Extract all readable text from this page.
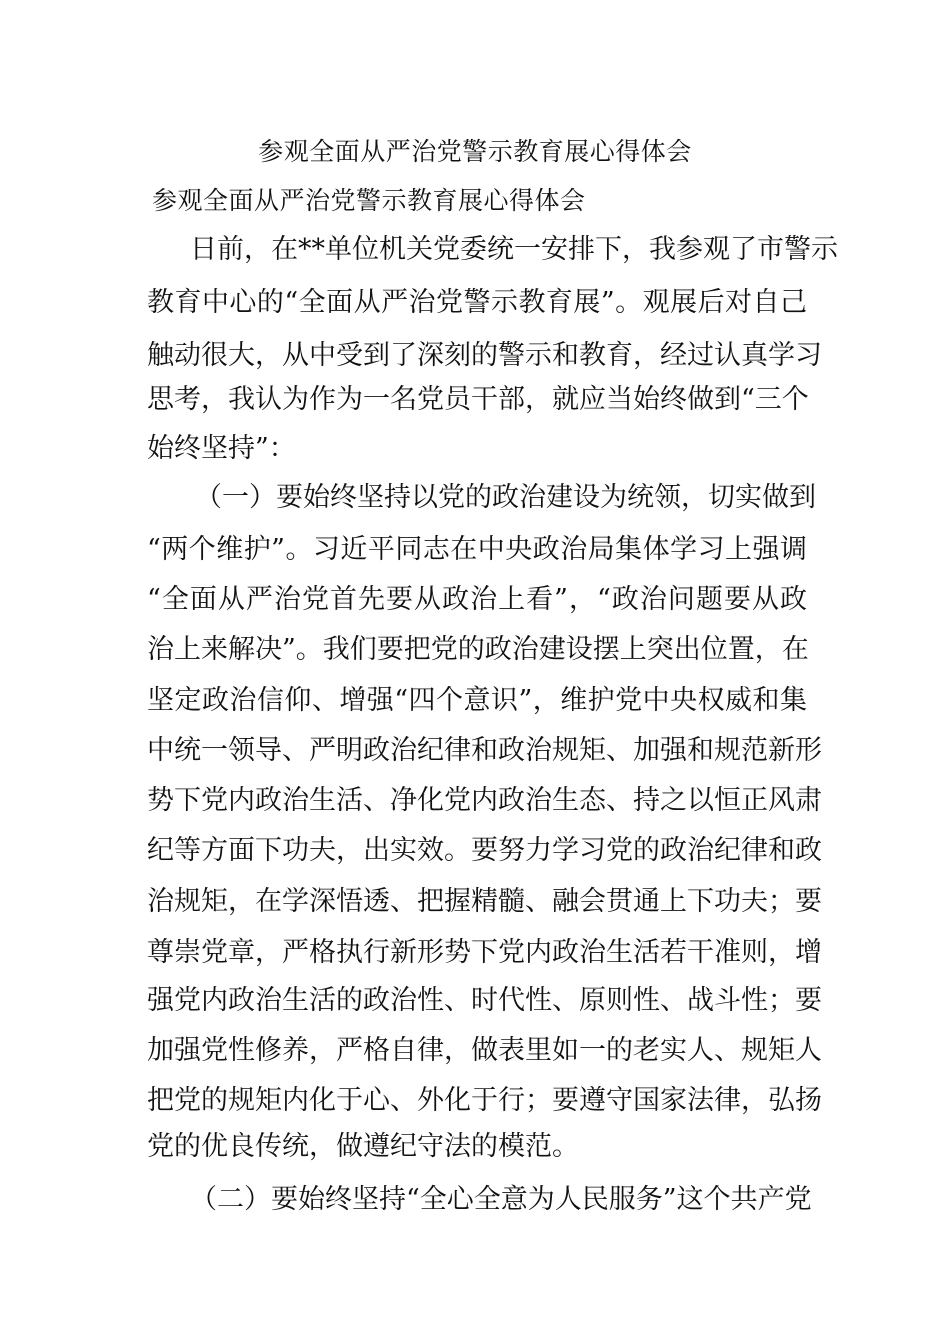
参观全面从严治党警示教育展心得体会
参观全面从严治党警示教育展心得体会
日前，在**单位机关党委统一安排下，我参观了市警示
教育中心的“全面从严治党警示教育展”。观展后对自己
触动很大，从中受到了深刻的警示和教育，经过认真学习
思考，我认为作为一名党员干部，就应当始终做到“三个
始终坚持”：
（一）要始终坚持以党的政治建设为统领，切实做到
“两个维护”。习近平同志在中央政治局集体学习上强调
“全面从严治党首先要从政治上看”，“政治问题要从政
治上来解决”。我们要把党的政治建设摆上突出位置，在
坚定政治信仰、增强“四个意识”，维护党中央权威和集
中统一领导、严明政治纪律和政治规矩、加强和规范新形
势下党内政治生活、净化党内政治生态、持之以恒正风肃
纪等方面下功夫，出实效。要努力学习党的政治纪律和政
治规矩，在学深悟透、把握精髓、融会贯通上下功夫；要
尊崇党章，严格执行新形势下党内政治生活若干准则，增
强党内政治生活的政治性、时代性、原则性、战斗性；要
加强党性修养，严格自律，做表里如一的老实人、规矩人
把党的规矩内化于心、外化于行；要遵守国家法律，弘扬
党的优良传统，做遵纪守法的模范。
（二）要始终坚持“全心全意为人民服务”这个共产党
